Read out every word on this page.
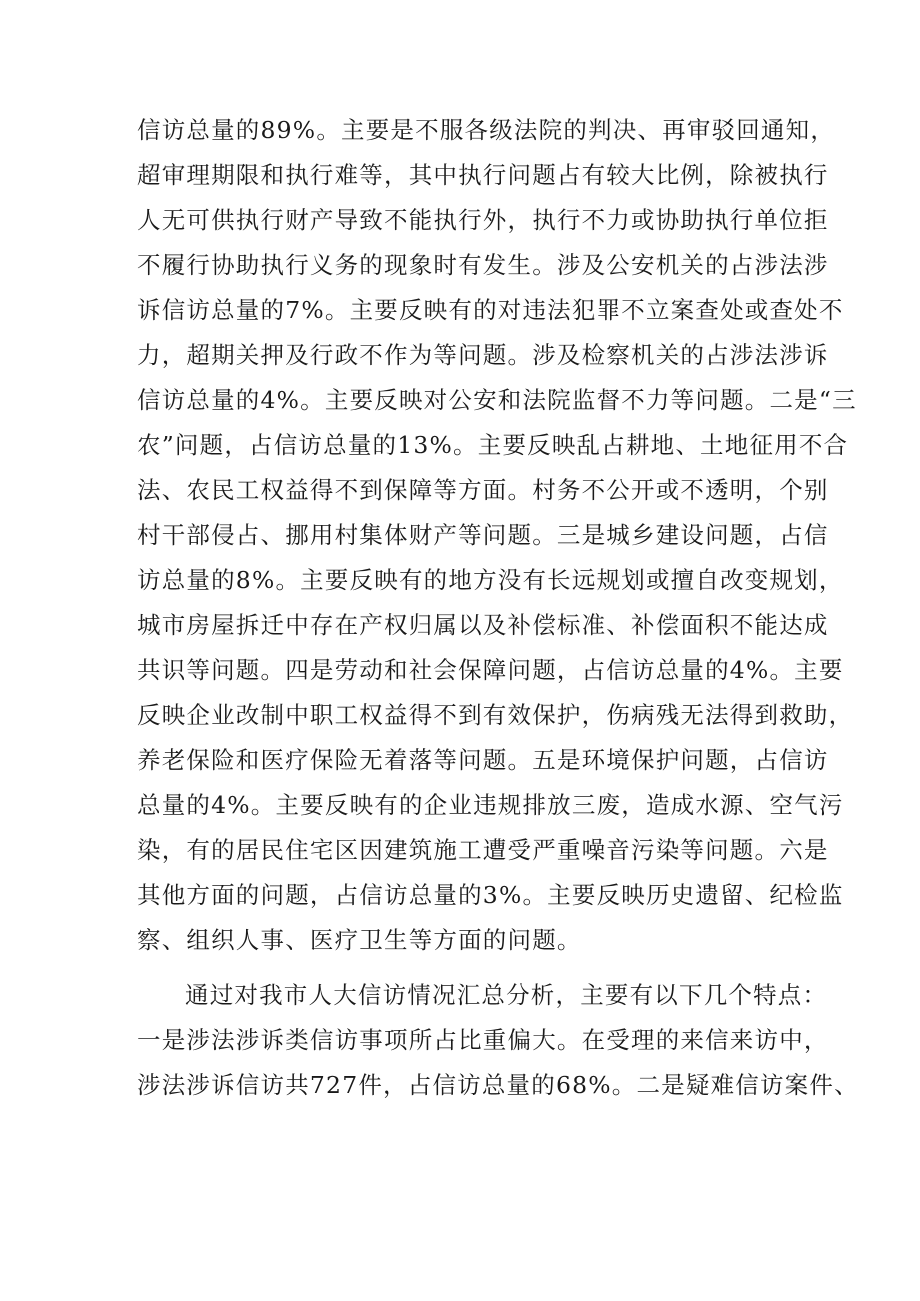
信访总量的89%。主要是不服各级法院的判决、再审驳回通知，
超审理期限和执行难等，其中执行问题占有较大比例，除被执行
人无可供执行财产导致不能执行外，执行不力或协助执行单位拒
不履行协助执行义务的现象时有发生。涉及公安机关的占涉法涉
诉信访总量的7%。主要反映有的对违法犯罪不立案查处或查处不
力，超期关押及行政不作为等问题。涉及检察机关的占涉法涉诉
信访总量的4%。主要反映对公安和法院监督不力等问题。二是“三
农”问题，占信访总量的13%。主要反映乱占耕地、土地征用不合
法、农民工权益得不到保障等方面。村务不公开或不透明，个别
村干部侵占、挪用村集体财产等问题。三是城乡建设问题，占信
访总量的8%。主要反映有的地方没有长远规划或擅自改变规划，
城市房屋拆迁中存在产权归属以及补偿标准、补偿面积不能达成
共识等问题。四是劳动和社会保障问题，占信访总量的4%。主要
反映企业改制中职工权益得不到有效保护，伤病残无法得到救助，
养老保险和医疗保险无着落等问题。五是环境保护问题，占信访
总量的4%。主要反映有的企业违规排放三废，造成水源、空气污
染，有的居民住宅区因建筑施工遭受严重噪音污染等问题。六是
其他方面的问题，占信访总量的3%。主要反映历史遗留、纪检监
察、组织人事、医疗卫生等方面的问题。
通过对我市人大信访情况汇总分析，主要有以下几个特点：
一是涉法涉诉类信访事项所占比重偏大。在受理的来信来访中，
涉法涉诉信访共727件，占信访总量的68%。二是疑难信访案件、
